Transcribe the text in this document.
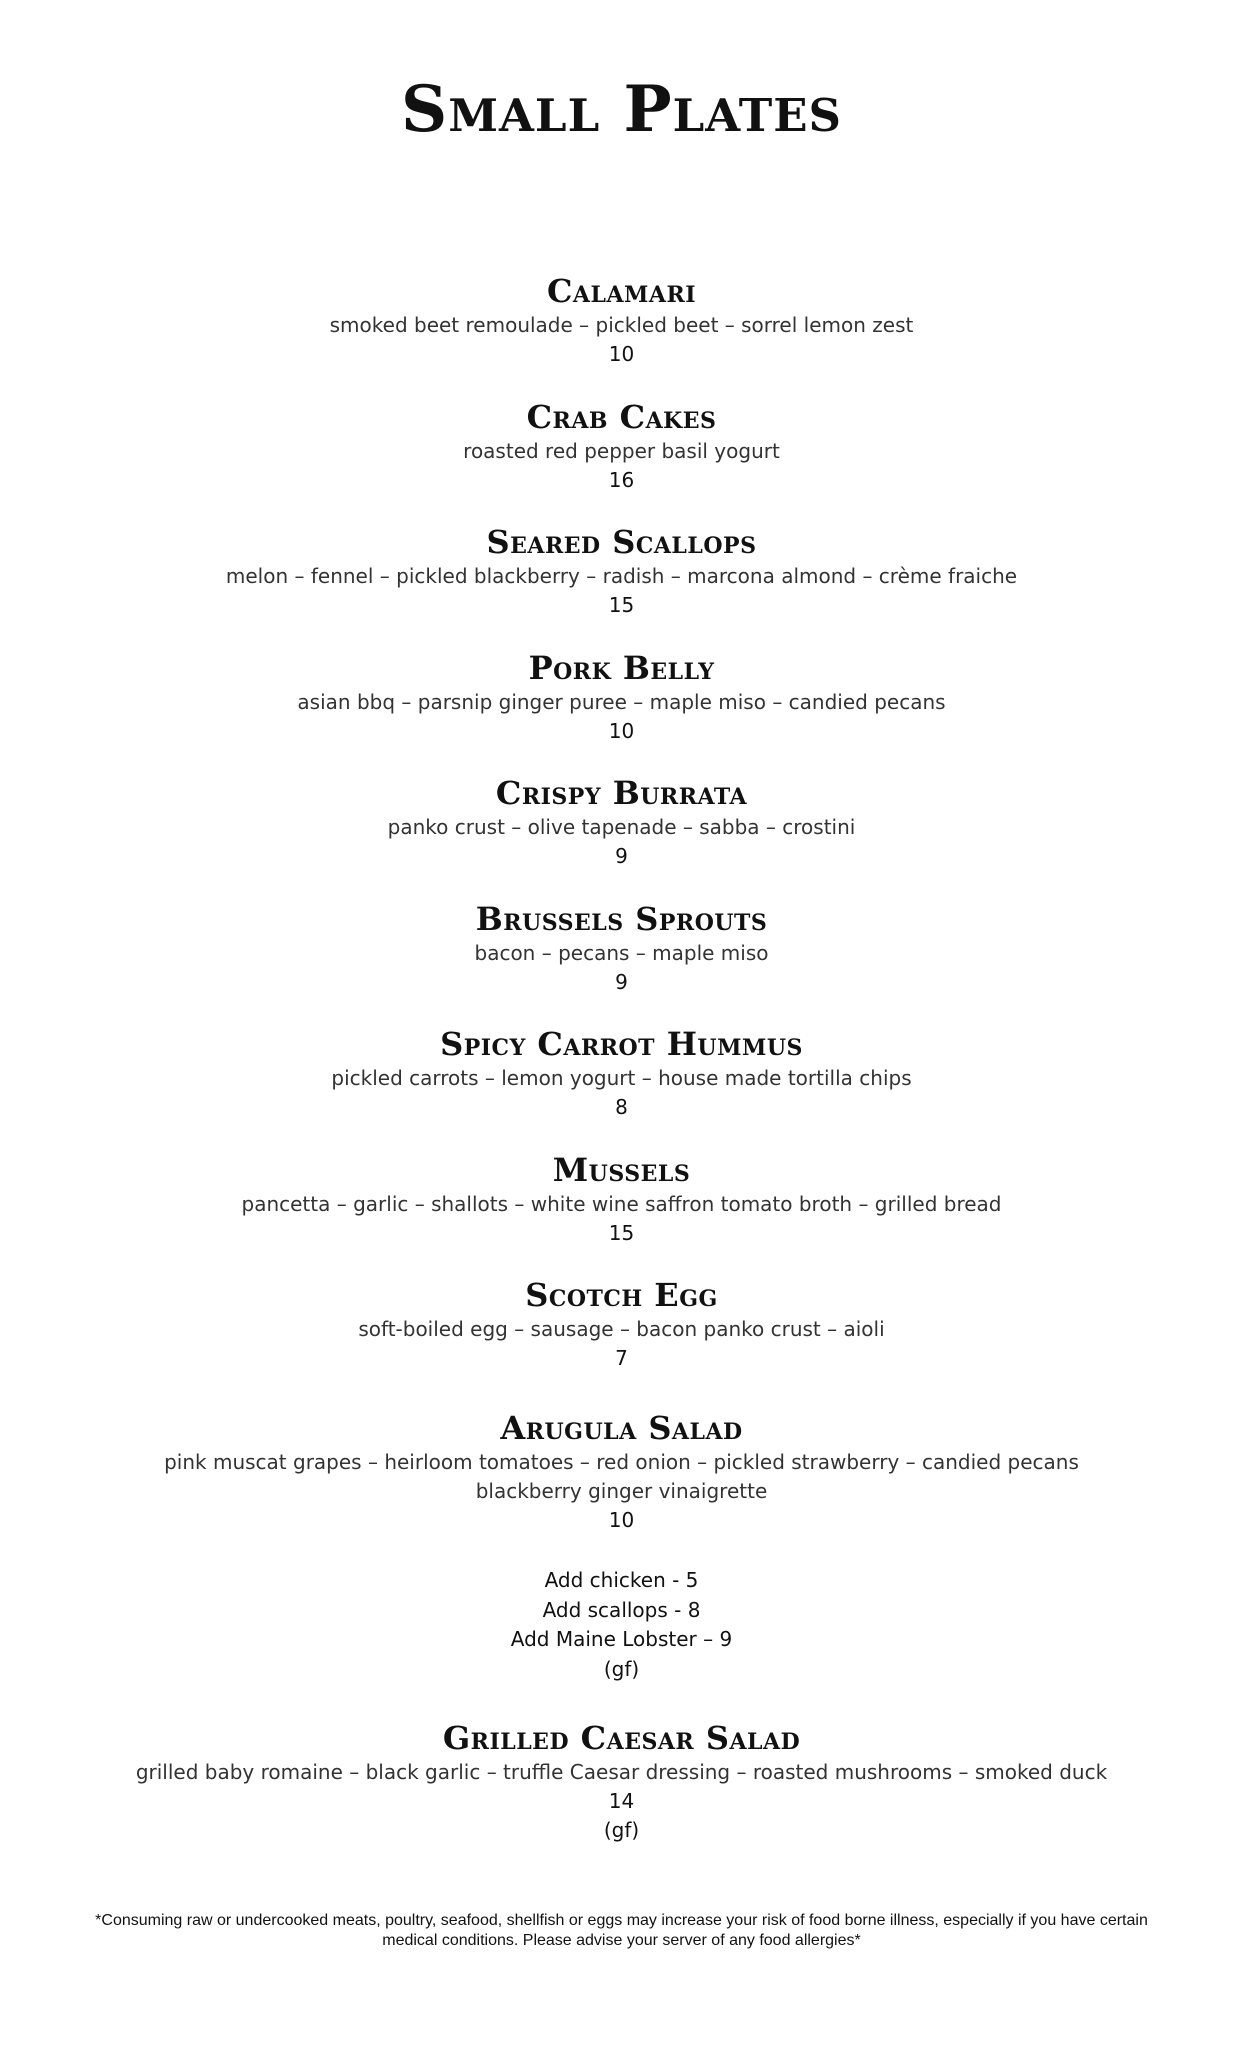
Small Plates
Calamari
smoked beet remoulade – pickled beet – sorrel lemon zest
10
Crab Cakes
roasted red pepper basil yogurt
16
Seared Scallops
melon – fennel – pickled blackberry – radish – marcona almond – crème fraiche
15
Pork Belly
asian bbq – parsnip ginger puree – maple miso – candied pecans
10
Crispy Burrata
panko crust – olive tapenade – sabba – crostini
9
Brussels Sprouts
bacon – pecans – maple miso
9
Spicy Carrot Hummus
pickled carrots – lemon yogurt – house made tortilla chips
8
Mussels
pancetta – garlic – shallots – white wine saffron tomato broth – grilled bread
15
Scotch Egg
soft-boiled egg – sausage – bacon panko crust – aioli
7
Arugula Salad
pink muscat grapes – heirloom tomatoes – red onion – pickled strawberry – candied pecans
blackberry ginger vinaigrette
10
Add chicken - 5
Add scallops - 8
Add Maine Lobster – 9
(gf)
Grilled Caesar Salad
grilled baby romaine – black garlic – truffle Caesar dressing – roasted mushrooms – smoked duck
14
(gf)
*Consuming raw or undercooked meats, poultry, seafood, shellfish or eggs may increase your risk of food borne illness, especially if you have certain medical conditions. Please advise your server of any food allergies*
